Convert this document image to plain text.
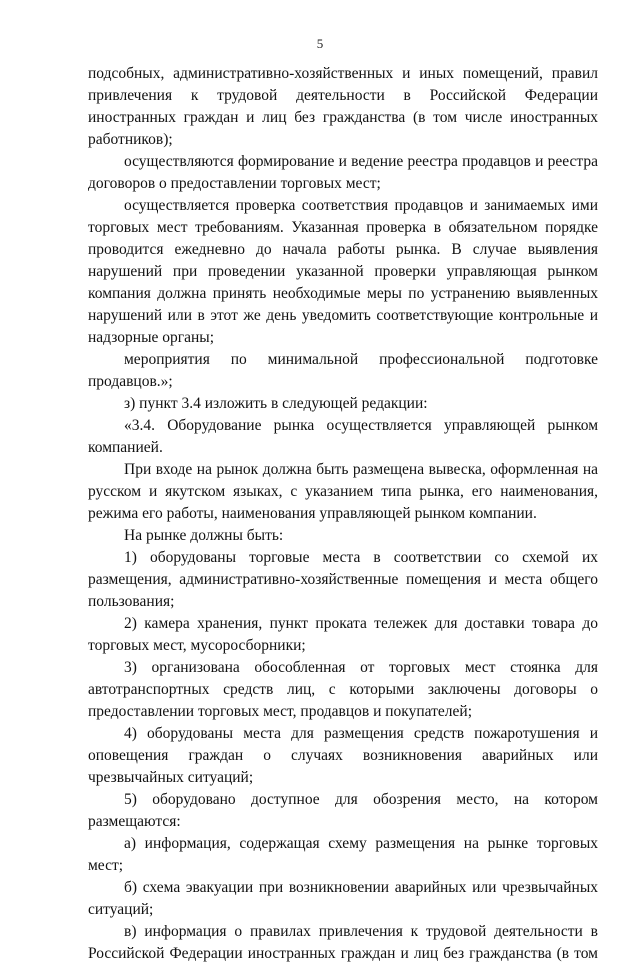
5

подсобных, административно-хозяйственных и иных помещений, правил привлечения к трудовой деятельности в Российской Федерации иностранных граждан и лиц без гражданства (в том числе иностранных работников);

осуществляются формирование и ведение реестра продавцов и реестра договоров о предоставлении торговых мест;

осуществляется проверка соответствия продавцов и занимаемых ими торговых мест требованиям. Указанная проверка в обязательном порядке проводится ежедневно до начала работы рынка. В случае выявления нарушений при проведении указанной проверки управляющая рынком компания должна принять необходимые меры по устранению выявленных нарушений или в этот же день уведомить соответствующие контрольные и надзорные органы;

мероприятия по минимальной профессиональной подготовке продавцов.»;

з) пункт 3.4 изложить в следующей редакции:

«3.4. Оборудование рынка осуществляется управляющей рынком компанией.

При входе на рынок должна быть размещена вывеска, оформленная на русском и якутском языках, с указанием типа рынка, его наименования, режима его работы, наименования управляющей рынком компании.

На рынке должны быть:

1) оборудованы торговые места в соответствии со схемой их размещения, административно-хозяйственные помещения и места общего пользования;

2) камера хранения, пункт проката тележек для доставки товара до торговых мест, мусоросборники;

3) организована обособленная от торговых мест стоянка для автотранспортных средств лиц, с которыми заключены договоры о предоставлении торговых мест, продавцов и покупателей;

4) оборудованы места для размещения средств пожаротушения и оповещения граждан о случаях возникновения аварийных или чрезвычайных ситуаций;

5) оборудовано доступное для обозрения место, на котором размещаются:

а) информация, содержащая схему размещения на рынке торговых мест;

б) схема эвакуации при возникновении аварийных или чрезвычайных ситуаций;

в) информация о правилах привлечения к трудовой деятельности в Российской Федерации иностранных граждан и лиц без гражданства (в том
